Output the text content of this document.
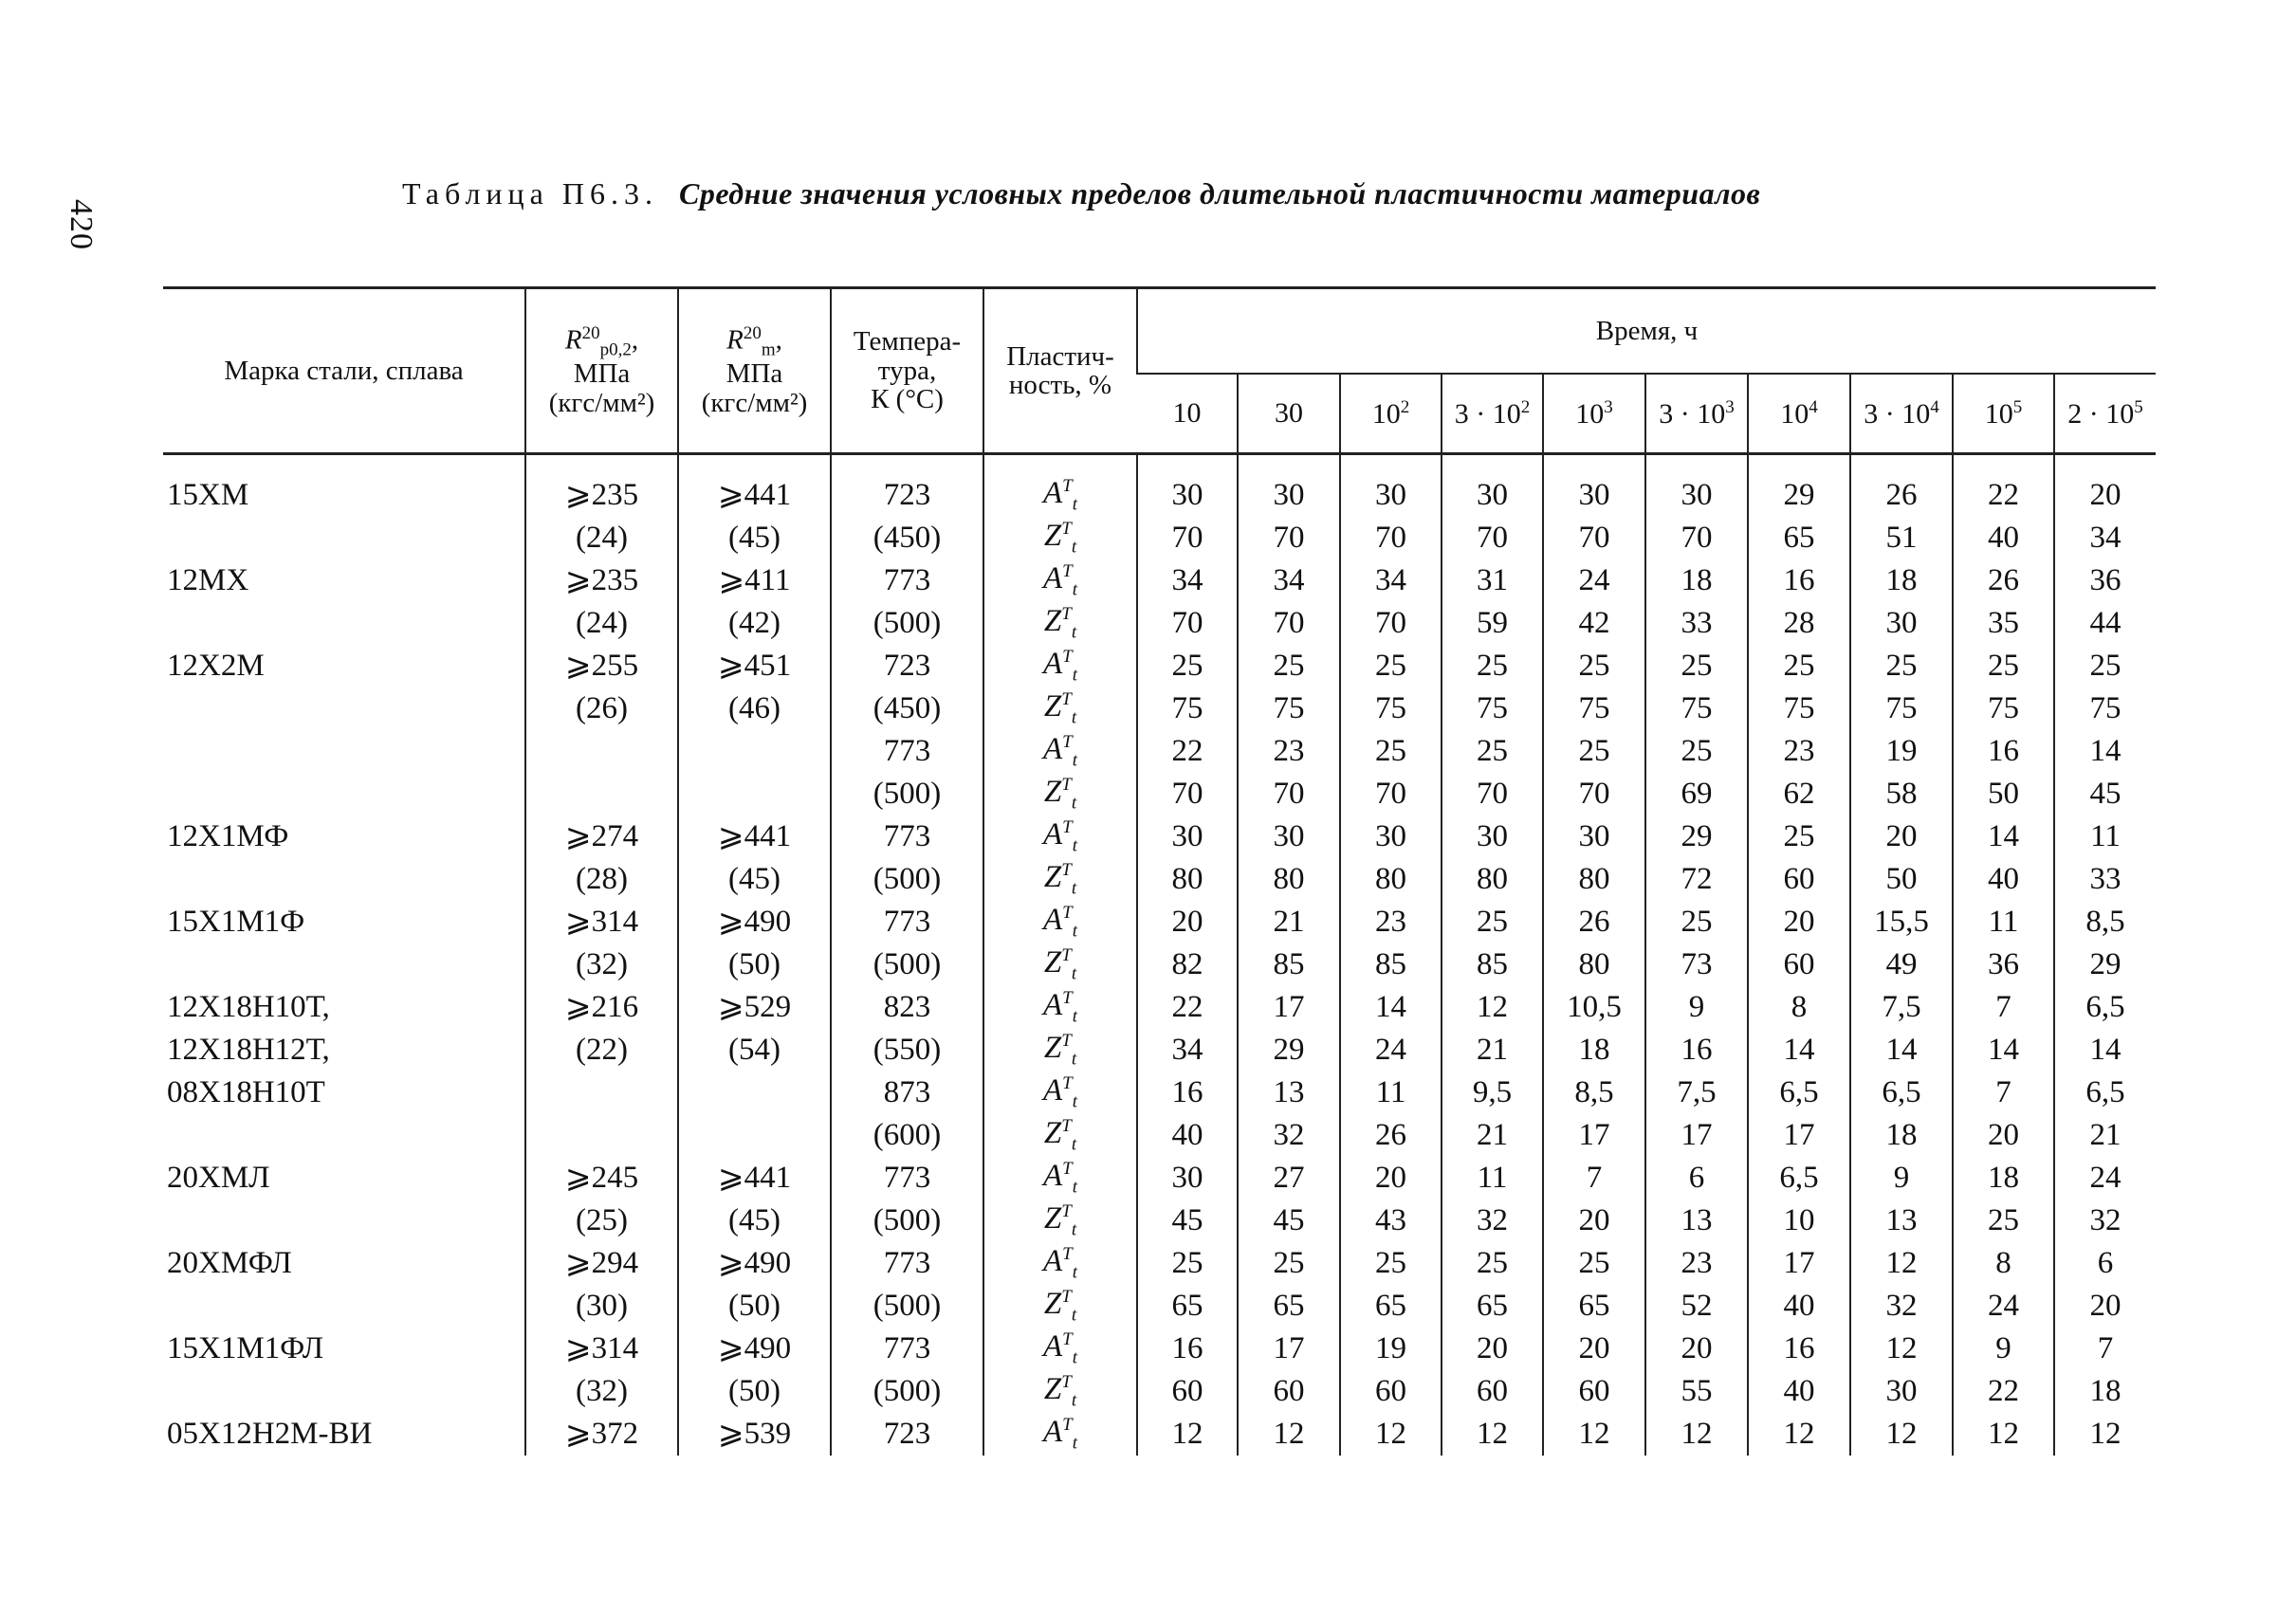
420
Таблица П6.3. Средние значения условных пределов длительной пластичности материалов
Марка стали, сплава	$R^{20}_{р0,2}$,
МПа
(кгс/мм²)	$R^{20}_m$,
МПа
(кгс/мм²)	Темпера-
тура,
К (°С)	Пластич-
ность, %	Время, ч									
					10	30	$10^2$	$3 \cdot 10^2$	$10^3$	$3 \cdot 10^3$	$10^4$	$3 \cdot 10^4$	$10^5$	$2 \cdot 10^5$
15ХМ	⩾235	⩾441	723	$A^T_t$	30	30	30	30	30	30	29	26	22	20
	(24)	(45)	(450)	$Z^T_t$	70	70	70	70	70	70	65	51	40	34
12МХ	⩾235	⩾411	773	$A^T_t$	34	34	34	31	24	18	16	18	26	36
	(24)	(42)	(500)	$Z^T_t$	70	70	70	59	42	33	28	30	35	44
12Х2М	⩾255	⩾451	723	$A^T_t$	25	25	25	25	25	25	25	25	25	25
	(26)	(46)	(450)	$Z^T_t$	75	75	75	75	75	75	75	75	75	75
			773	$A^T_t$	22	23	25	25	25	25	23	19	16	14
			(500)	$Z^T_t$	70	70	70	70	70	69	62	58	50	45
12Х1МФ	⩾274	⩾441	773	$A^T_t$	30	30	30	30	30	29	25	20	14	11
	(28)	(45)	(500)	$Z^T_t$	80	80	80	80	80	72	60	50	40	33
15Х1М1Ф	⩾314	⩾490	773	$A^T_t$	20	21	23	25	26	25	20	15,5	11	8,5
	(32)	(50)	(500)	$Z^T_t$	82	85	85	85	80	73	60	49	36	29
12Х18Н10Т,	⩾216	⩾529	823	$A^T_t$	22	17	14	12	10,5	9	8	7,5	7	6,5
12Х18Н12Т,	(22)	(54)	(550)	$Z^T_t$	34	29	24	21	18	16	14	14	14	14
08Х18Н10Т			873	$A^T_t$	16	13	11	9,5	8,5	7,5	6,5	6,5	7	6,5
			(600)	$Z^T_t$	40	32	26	21	17	17	17	18	20	21
20ХМЛ	⩾245	⩾441	773	$A^T_t$	30	27	20	11	7	6	6,5	9	18	24
	(25)	(45)	(500)	$Z^T_t$	45	45	43	32	20	13	10	13	25	32
20ХМФЛ	⩾294	⩾490	773	$A^T_t$	25	25	25	25	25	23	17	12	8	6
	(30)	(50)	(500)	$Z^T_t$	65	65	65	65	65	52	40	32	24	20
15Х1М1ФЛ	⩾314	⩾490	773	$A^T_t$	16	17	19	20	20	20	16	12	9	7
	(32)	(50)	(500)	$Z^T_t$	60	60	60	60	60	55	40	30	22	18
05Х12Н2М-ВИ	⩾372	⩾539	723	$A^T_t$	12	12	12	12	12	12	12	12	12	12
